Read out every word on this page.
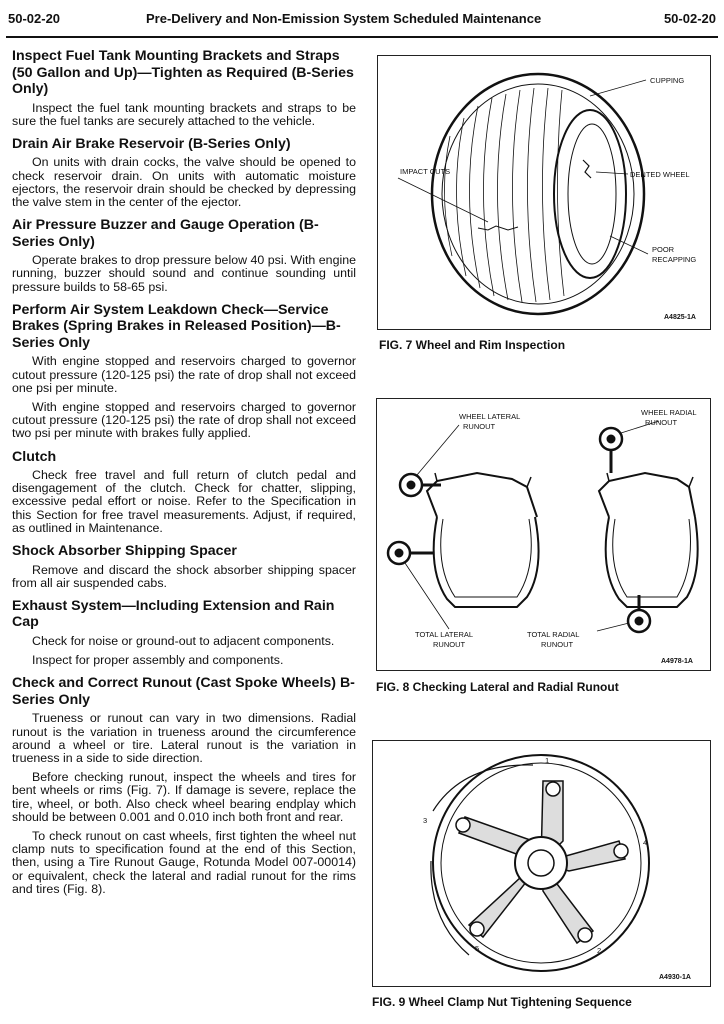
50-02-20	Pre-Delivery and Non-Emission System Scheduled Maintenance	50-02-20
Inspect Fuel Tank Mounting Brackets and Straps (50 Gallon and Up)—Tighten as Required (B-Series Only)

Inspect the fuel tank mounting brackets and straps to be sure the fuel tanks are securely attached to the vehicle.

Drain Air Brake Reservoir (B-Series Only)

On units with drain cocks, the valve should be opened to check reservoir drain. On units with automatic moisture ejectors, the reservoir drain should be checked by depressing the valve stem in the center of the ejector.

Air Pressure Buzzer and Gauge Operation (B-Series Only)

Operate brakes to drop pressure below 40 psi. With engine running, buzzer should sound and continue sounding until pressure builds to 58-65 psi.

Perform Air System Leakdown Check—Service Brakes (Spring Brakes in Released Position)—B-Series Only

With engine stopped and reservoirs charged to governor cutout pressure (120-125 psi) the rate of drop shall not exceed one psi per minute.

With engine stopped and reservoirs charged to governor cutout pressure (120-125 psi) the rate of drop shall not exceed two psi per minute with brakes fully applied.

Clutch

Check free travel and full return of clutch pedal and disengagement of the clutch. Check for chatter, slipping, excessive pedal effort or noise. Refer to the Specification in this Section for free travel measurements. Adjust, if required, as outlined in Maintenance.

Shock Absorber Shipping Spacer

Remove and discard the shock absorber shipping spacer from all air suspended cabs.

Exhaust System—Including Extension and Rain Cap

Check for noise or ground-out to adjacent components.

Inspect for proper assembly and components.

Check and Correct Runout (Cast Spoke Wheels) B-Series Only

Trueness or runout can vary in two dimensions. Radial runout is the variation in trueness around the circumference around a wheel or tire. Lateral runout is the variation in trueness in a side to side direction.

Before checking runout, inspect the wheels and tires for bent wheels or rims (Fig. 7). If damage is severe, replace the tire, wheel, or both. Also check wheel bearing endplay which should be between 0.001 and 0.010 inch both front and rear.

To check runout on cast wheels, first tighten the wheel nut clamp nuts to specification found at the end of this Section, then, using a Tire Runout Gauge, Rotunda Model 007-00014) or equivalent, check the lateral and radial runout for the rims and tires (Fig. 8).

CUPPING
IMPACT CUTS	DENTED WHEEL
POOR
RECAPPING
A4825-1A
FIG. 7 Wheel and Rim Inspection
WHEEL LATERAL
RUNOUT
WHEEL RADIAL
RUNOUT
TOTAL LATERAL
RUNOUT
TOTAL RADIAL
RUNOUT
A4978-1A
FIG. 8 Checking Lateral and Radial Runout
1
2
3
4
5
A4930-1A
FIG. 9 Wheel Clamp Nut Tightening Sequence
